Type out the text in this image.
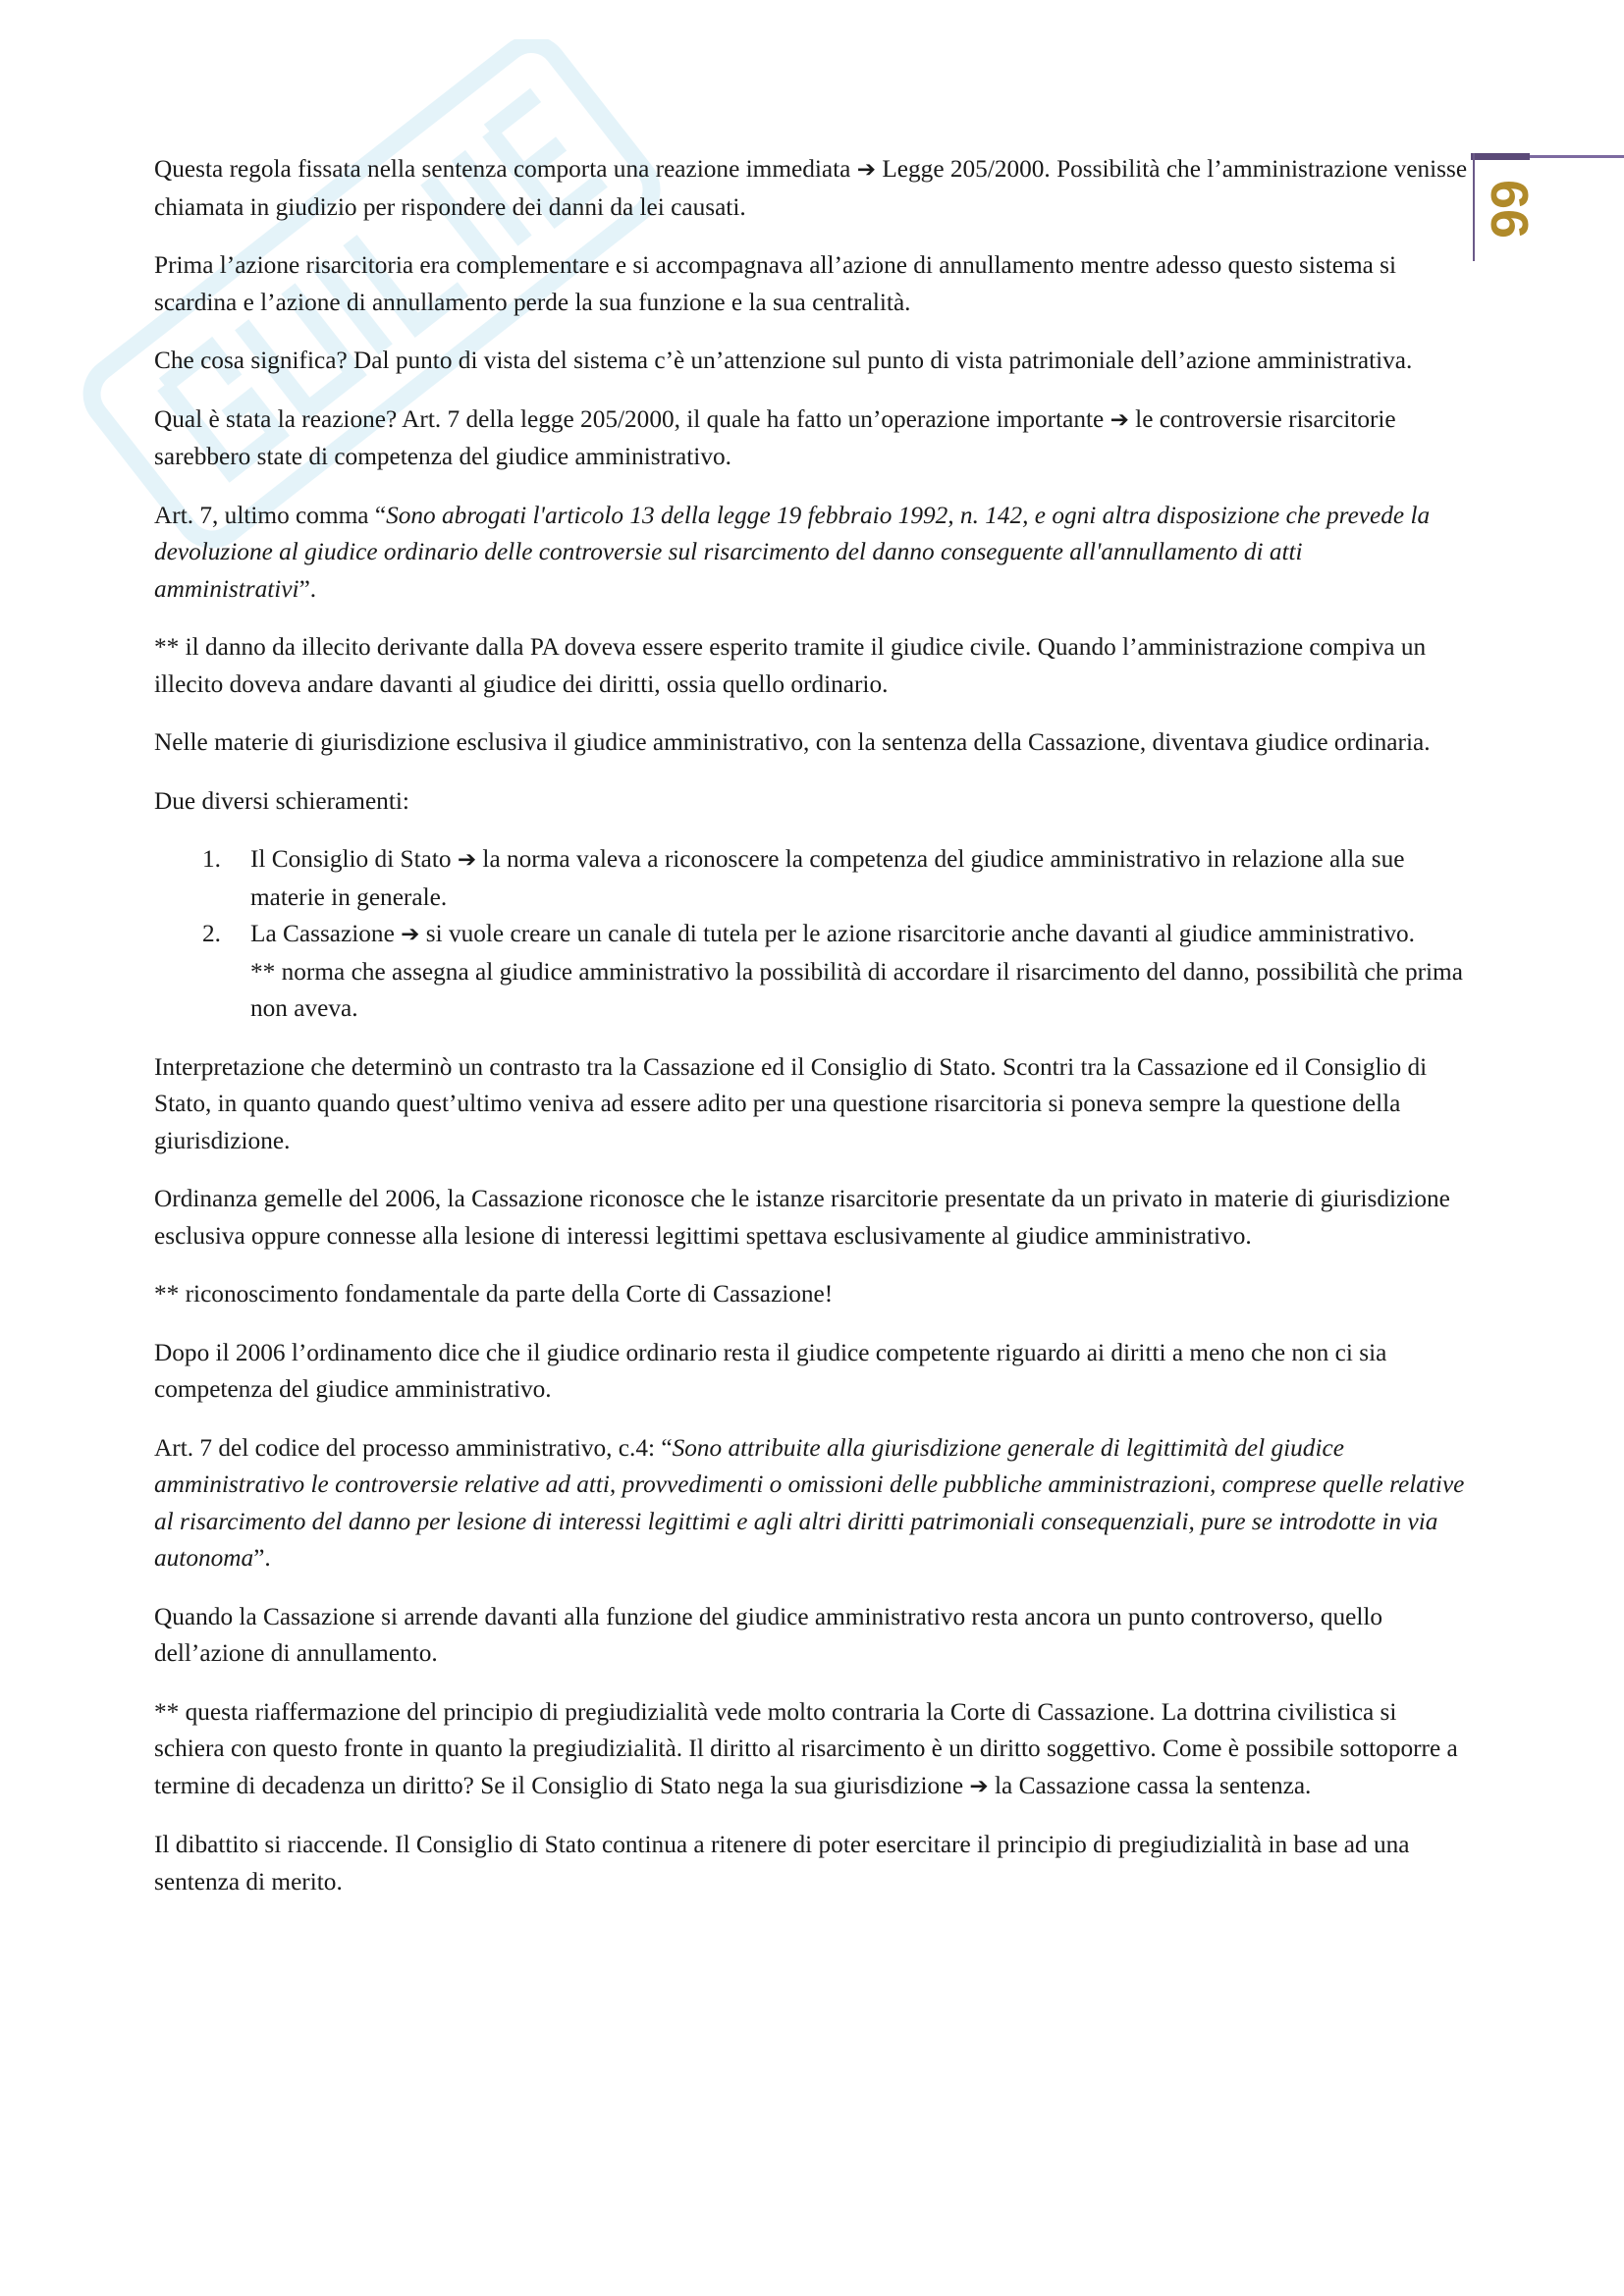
66

Questa regola fissata nella sentenza comporta una reazione immediata ➔ Legge 205/2000. Possibilità che l’amministrazione venisse chiamata in giudizio per rispondere dei danni da lei causati.

Prima l’azione risarcitoria era complementare e si accompagnava all’azione di annullamento mentre adesso questo sistema si scardina e l’azione di annullamento perde la sua funzione e la sua centralità.

Che cosa significa? Dal punto di vista del sistema c’è un’attenzione sul punto di vista patrimoniale dell’azione amministrativa.

Qual è stata la reazione? Art. 7 della legge 205/2000, il quale ha fatto un’operazione importante ➔ le controversie risarcitorie sarebbero state di competenza del giudice amministrativo.

Art. 7, ultimo comma “Sono abrogati l'articolo 13 della legge 19 febbraio 1992, n. 142, e ogni altra disposizione che prevede la devoluzione al giudice ordinario delle controversie sul risarcimento del danno conseguente all'annullamento di atti amministrativi”.

** il danno da illecito derivante dalla PA doveva essere esperito tramite il giudice civile. Quando l’amministrazione compiva un illecito doveva andare davanti al giudice dei diritti, ossia quello ordinario.

Nelle materie di giurisdizione esclusiva il giudice amministrativo, con la sentenza della Cassazione, diventava giudice ordinaria.

Due diversi schieramenti:

1. Il Consiglio di Stato ➔ la norma valeva a riconoscere la competenza del giudice amministrativo in relazione alla sue materie in generale.
2. La Cassazione ➔ si vuole creare un canale di tutela per le azione risarcitorie anche davanti al giudice amministrativo.
** norma che assegna al giudice amministrativo la possibilità di accordare il risarcimento del danno, possibilità che prima non aveva.

Interpretazione che determinò un contrasto tra la Cassazione ed il Consiglio di Stato. Scontri tra la Cassazione ed il Consiglio di Stato, in quanto quando quest’ultimo veniva ad essere adito per una questione risarcitoria si poneva sempre la questione della giurisdizione.

Ordinanza gemelle del 2006, la Cassazione riconosce che le istanze risarcitorie presentate da un privato in materie di giurisdizione esclusiva oppure connesse alla lesione di interessi legittimi spettava esclusivamente al giudice amministrativo.

** riconoscimento fondamentale da parte della Corte di Cassazione!

Dopo il 2006 l’ordinamento dice che il giudice ordinario resta il giudice competente riguardo ai diritti a meno che non ci sia competenza del giudice amministrativo.

Art. 7 del codice del processo amministrativo, c.4: “Sono attribuite alla giurisdizione generale di legittimità del giudice amministrativo le controversie relative ad atti, provvedimenti o omissioni delle pubbliche amministrazioni, comprese quelle relative al risarcimento del danno per lesione di interessi legittimi e agli altri diritti patrimoniali consequenziali, pure se introdotte in via autonoma”.

Quando la Cassazione si arrende davanti alla funzione del giudice amministrativo resta ancora un punto controverso, quello dell’azione di annullamento.

** questa riaffermazione del principio di pregiudizialità vede molto contraria la Corte di Cassazione. La dottrina civilistica si schiera con questo fronte in quanto la pregiudizialità. Il diritto al risarcimento è un diritto soggettivo. Come è possibile sottoporre a termine di decadenza un diritto? Se il Consiglio di Stato nega la sua giurisdizione ➔ la Cassazione cassa la sentenza.

Il dibattito si riaccende. Il Consiglio di Stato continua a ritenere di poter esercitare il principio di pregiudizialità in base ad una sentenza di merito.
